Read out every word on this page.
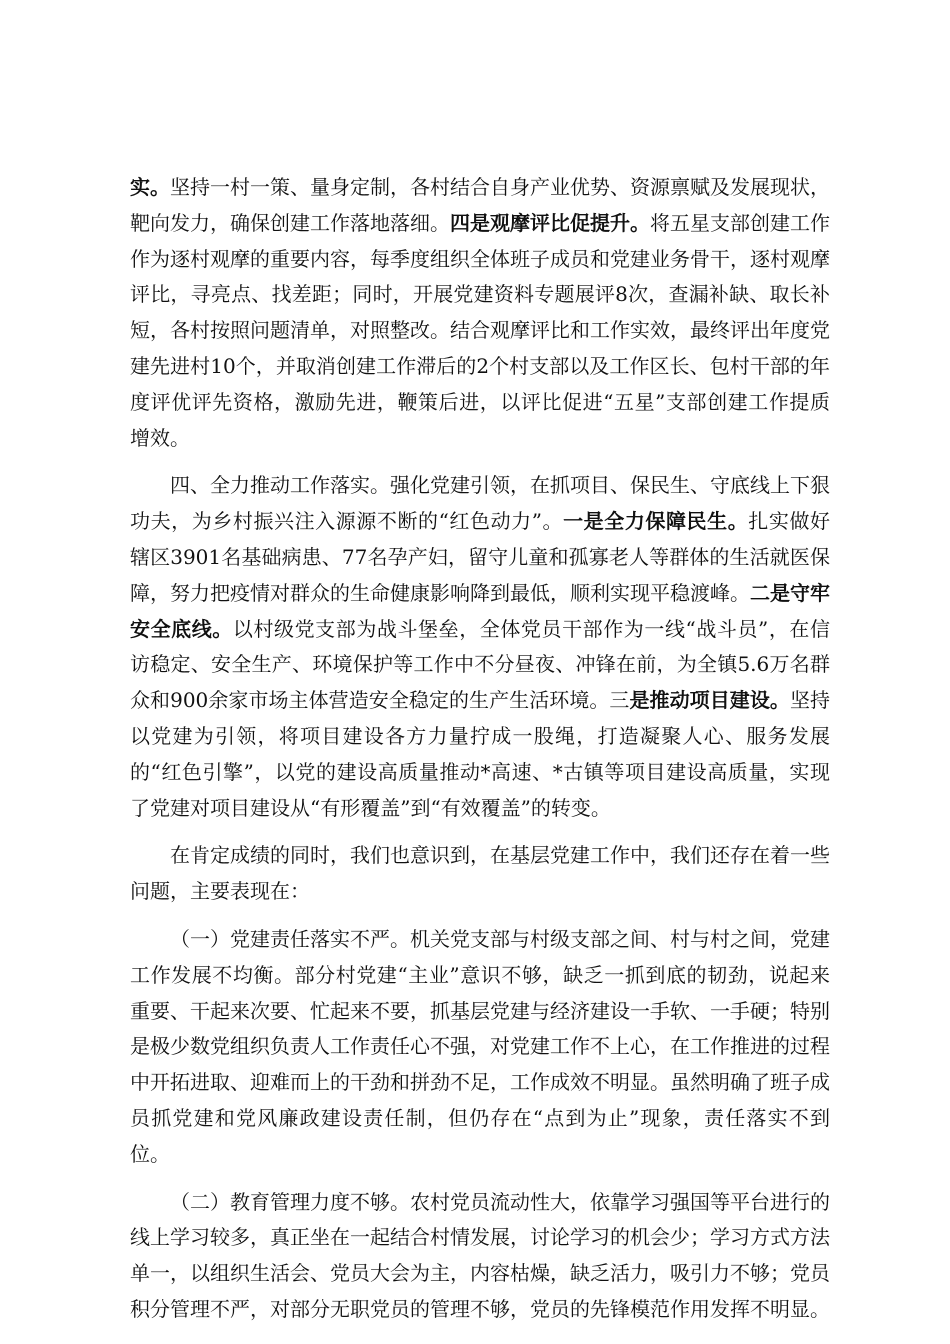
实。坚持一村一策、量身定制，各村结合自身产业优势、资源禀赋及发展现状，靶向发力，确保创建工作落地落细。四是观摩评比促提升。将五星支部创建工作作为逐村观摩的重要内容，每季度组织全体班子成员和党建业务骨干，逐村观摩评比，寻亮点、找差距；同时，开展党建资料专题展评8次，查漏补缺、取长补短，各村按照问题清单，对照整改。结合观摩评比和工作实效，最终评出年度党建先进村10个，并取消创建工作滞后的2个村支部以及工作区长、包村干部的年度评优评先资格，激励先进，鞭策后进，以评比促进“五星”支部创建工作提质增效。

四、全力推动工作落实。强化党建引领，在抓项目、保民生、守底线上下狠功夫，为乡村振兴注入源源不断的“红色动力”。一是全力保障民生。扎实做好辖区3901名基础病患、77名孕产妇，留守儿童和孤寡老人等群体的生活就医保障，努力把疫情对群众的生命健康影响降到最低，顺利实现平稳渡峰。二是守牢安全底线。以村级党支部为战斗堡垒，全体党员干部作为一线“战斗员”，在信访稳定、安全生产、环境保护等工作中不分昼夜、冲锋在前，为全镇5.6万名群众和900余家市场主体营造安全稳定的生产生活环境。三是推动项目建设。坚持以党建为引领，将项目建设各方力量拧成一股绳，打造凝聚人心、服务发展的“红色引擎”，以党的建设高质量推动*高速、*古镇等项目建设高质量，实现了党建对项目建设从“有形覆盖”到“有效覆盖”的转变。

在肯定成绩的同时，我们也意识到，在基层党建工作中，我们还存在着一些问题，主要表现在：

（一）党建责任落实不严。机关党支部与村级支部之间、村与村之间，党建工作发展不均衡。部分村党建“主业”意识不够，缺乏一抓到底的韧劲，说起来重要、干起来次要、忙起来不要，抓基层党建与经济建设一手软、一手硬；特别是极少数党组织负责人工作责任心不强，对党建工作不上心，在工作推进的过程中开拓进取、迎难而上的干劲和拼劲不足，工作成效不明显。虽然明确了班子成员抓党建和党风廉政建设责任制，但仍存在“点到为止”现象，责任落实不到位。

（二）教育管理力度不够。农村党员流动性大，依靠学习强国等平台进行的线上学习较多，真正坐在一起结合村情发展，讨论学习的机会少；学习方式方法单一，以组织生活会、党员大会为主，内容枯燥，缺乏活力，吸引力不够；党员积分管理不严，对部分无职党员的管理不够，党员的先锋模范作用发挥不明显。
